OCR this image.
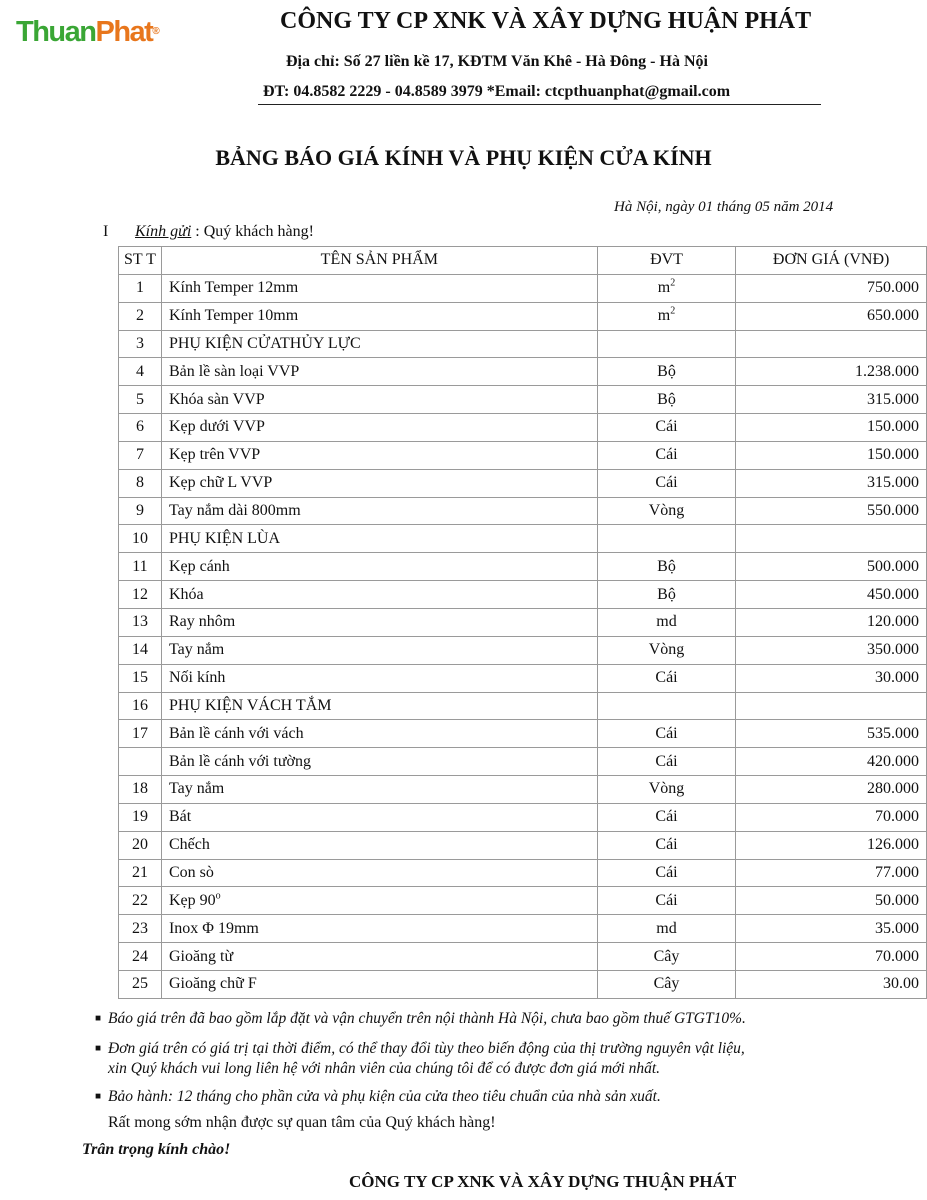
ThuanPhat®	CÔNG TY CP XNK VÀ XÂY DỰNG HUẬN PHÁT
Địa chỉ: Số 27 liền kề 17, KĐTM Văn Khê - Hà Đông - Hà Nội
ĐT: 04.8582 2229 - 04.8589 3979 *Email: ctcpthuanphat@gmail.com
BẢNG BÁO GIÁ KÍNH VÀ PHỤ KIỆN CỬA KÍNH
Hà Nội, ngày 01 tháng 05 năm 2014
I Kính gửi : Quý khách hàng!
ST T	TÊN SẢN PHẨM	ĐVT	ĐƠN GIÁ (VNĐ)
1	Kính Temper 12mm	$m^2$	750.000
2	Kính Temper 10mm	$m^2$	650.000
3	PHỤ KIỆN CỬATHỦY LỰC		
4	Bản lề sàn loại VVP	Bộ	1.238.000
5	Khóa sàn VVP	Bộ	315.000
6	Kẹp dưới VVP	Cái	150.000
7	Kẹp trên VVP	Cái	150.000
8	Kẹp chữ L VVP	Cái	315.000
9	Tay nắm dài 800mm	Vòng	550.000
10	PHỤ KIỆN LÙA		
11	Kẹp cánh	Bộ	500.000
12	Khóa	Bộ	450.000
13	Ray nhôm	md	120.000
14	Tay nắm	Vòng	350.000
15	Nối kính	Cái	30.000
16	PHỤ KIỆN VÁCH TẮM		
17	Bản lề cánh với vách	Cái	535.000
	Bản lề cánh với tường	Cái	420.000
18	Tay nắm	Vòng	280.000
19	Bát	Cái	70.000
20	Chếch	Cái	126.000
21	Con sò	Cái	77.000
22	Kẹp 90$^o$	Cái	50.000
23	Inox Φ 19mm	md	35.000
24	Gioăng từ	Cây	70.000
25	Gioăng chữ F	Cây	30.00
■ Báo giá trên đã bao gồm lắp đặt và vận chuyển trên nội thành Hà Nội, chưa bao gồm thuế GTGT10%.
■ Đơn giá trên có giá trị tại thời điểm, có thể thay đổi tùy theo biến động của thị trường nguyên vật liệu,
xin Quý khách vui long liên hệ với nhân viên của chúng tôi để có được đơn giá mới nhất.
■ Bảo hành: 12 tháng cho phần cửa và phụ kiện của cửa theo tiêu chuẩn của nhà sản xuất.
Rất mong sớm nhận được sự quan tâm của Quý khách hàng!
Trân trọng kính chào!
CÔNG TY CP XNK VÀ XÂY DỰNG THUẬN PHÁT
